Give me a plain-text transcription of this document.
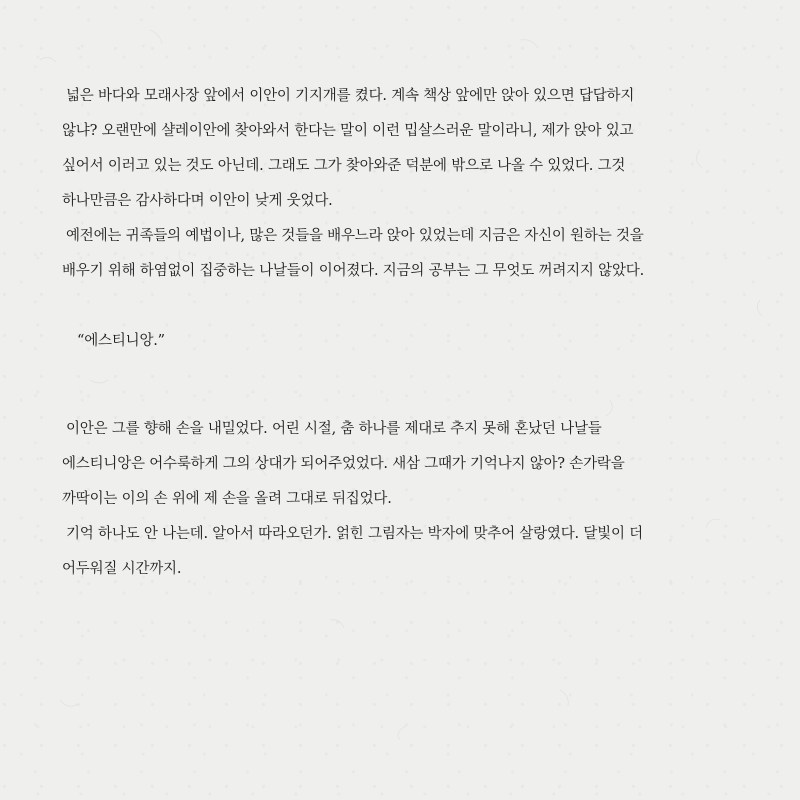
넓은 바다와 모래사장 앞에서 이안이 기지개를 켰다. 계속 책상 앞에만 앉아 있으면 답답하지
않냐? 오랜만에 샬레이안에 찾아와서 한다는 말이 이런 밉살스러운 말이라니, 제가 앉아 있고
싶어서 이러고 있는 것도 아닌데. 그래도 그가 찾아와준 덕분에 밖으로 나올 수 있었다. 그것
하나만큼은 감사하다며 이안이 낮게 웃었다.
예전에는 귀족들의 예법이나, 많은 것들을 배우느라 앉아 있었는데 지금은 자신이 원하는 것을
배우기 위해 하염없이 집중하는 나날들이 이어졌다. 지금의 공부는 그 무엇도 꺼려지지 않았다.
“에스티니앙.”
이안은 그를 향해 손을 내밀었다. 어린 시절, 춤 하나를 제대로 추지 못해 혼났던 나날들
에스티니앙은 어수룩하게 그의 상대가 되어주었었다. 새삼 그때가 기억나지 않아? 손가락을
까딱이는 이의 손 위에 제 손을 올려 그대로 뒤집었다.
기억 하나도 안 나는데. 알아서 따라오던가. 얽힌 그림자는 박자에 맞추어 살랑였다. 달빛이 더
어두워질 시간까지.
